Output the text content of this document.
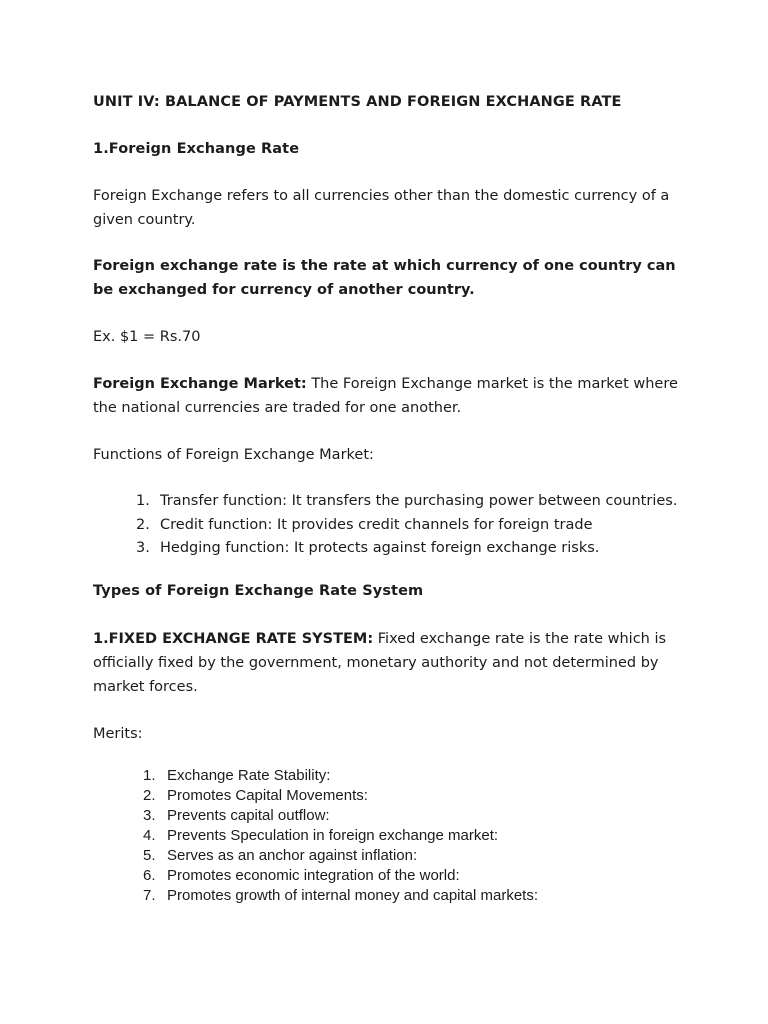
UNIT IV: BALANCE OF PAYMENTS AND FOREIGN EXCHANGE RATE

1.Foreign Exchange Rate

Foreign Exchange refers to all currencies other than the domestic currency of a given country.

Foreign exchange rate is the rate at which currency of one country can be exchanged for currency of another country.

Ex. $1 = Rs.70

Foreign Exchange Market: The Foreign Exchange market is the market where the national currencies are traded for one another.

Functions of Foreign Exchange Market:

1. Transfer function: It transfers the purchasing power between countries.
2. Credit function: It provides credit channels for foreign trade
3. Hedging function: It protects against foreign exchange risks.

Types of Foreign Exchange Rate System

1.FIXED EXCHANGE RATE SYSTEM: Fixed exchange rate is the rate which is officially fixed by the government, monetary authority and not determined by market forces.

Merits:

1. Exchange Rate Stability:
2. Promotes Capital Movements:
3. Prevents capital outflow:
4. Prevents Speculation in foreign exchange market:
5. Serves as an anchor against inflation:
6. Promotes economic integration of the world:
7. Promotes growth of internal money and capital markets:
